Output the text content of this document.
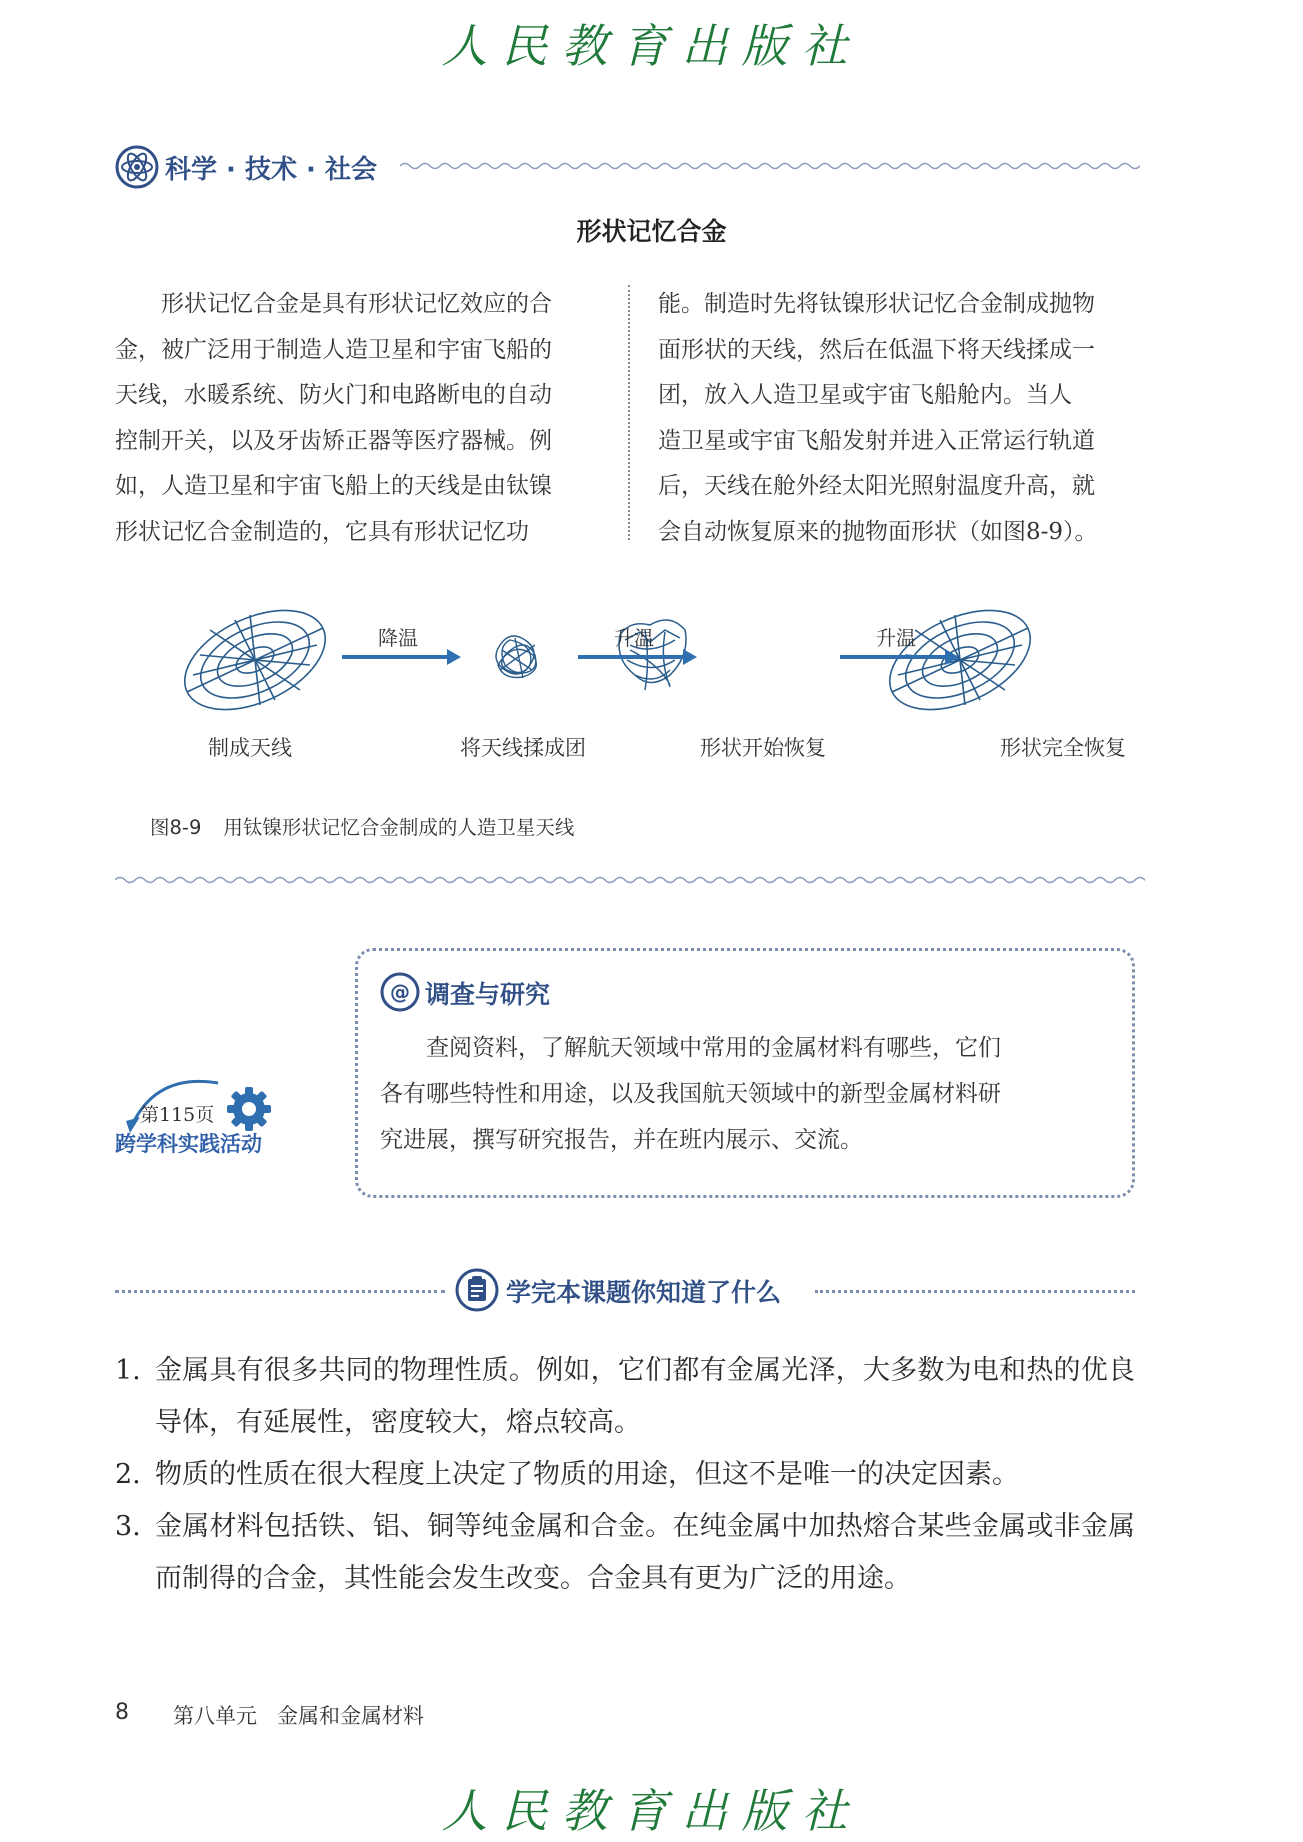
人民教育出版社
科学 · 技术 · 社会
形状记忆合金

　　形状记忆合金是具有形状记忆效应的合

金，被广泛用于制造人造卫星和宇宙飞船的

天线，水暖系统、防火门和电路断电的自动

控制开关，以及牙齿矫正器等医疗器械。例

如，人造卫星和宇宙飞船上的天线是由钛镍

形状记忆合金制造的，它具有形状记忆功

能。制造时先将钛镍形状记忆合金制成抛物

面形状的天线，然后在低温下将天线揉成一

团，放入人造卫星或宇宙飞船舱内。当人

造卫星或宇宙飞船发射并进入正常运行轨道

后，天线在舱外经太阳光照射温度升高，就

会自动恢复原来的抛物面形状（如图8-9）。

降温	升温	升温
制成天线	将天线揉成团	形状开始恢复	形状完全恢复
图8-9 用钛镍形状记忆合金制成的人造卫星天线
@ 调查与研究

查阅资料，了解航天领域中常用的金属材料有哪些，它们

各有哪些特性和用途，以及我国航天领域中的新型金属材料研

究进展，撰写研究报告，并在班内展示、交流。

第115页
跨学科实践活动
学完本课题你知道了什么
1. 金属具有很多共同的物理性质。例如，它们都有金属光泽，大多数为电和热的优良导体，有延展性，密度较大，熔点较高。
2. 物质的性质在很大程度上决定了物质的用途，但这不是唯一的决定因素。
3. 金属材料包括铁、铝、铜等纯金属和合金。在纯金属中加热熔合某些金属或非金属而制得的合金，其性能会发生改变。合金具有更为广泛的用途。
8 第八单元 金属和金属材料
人民教育出版社
